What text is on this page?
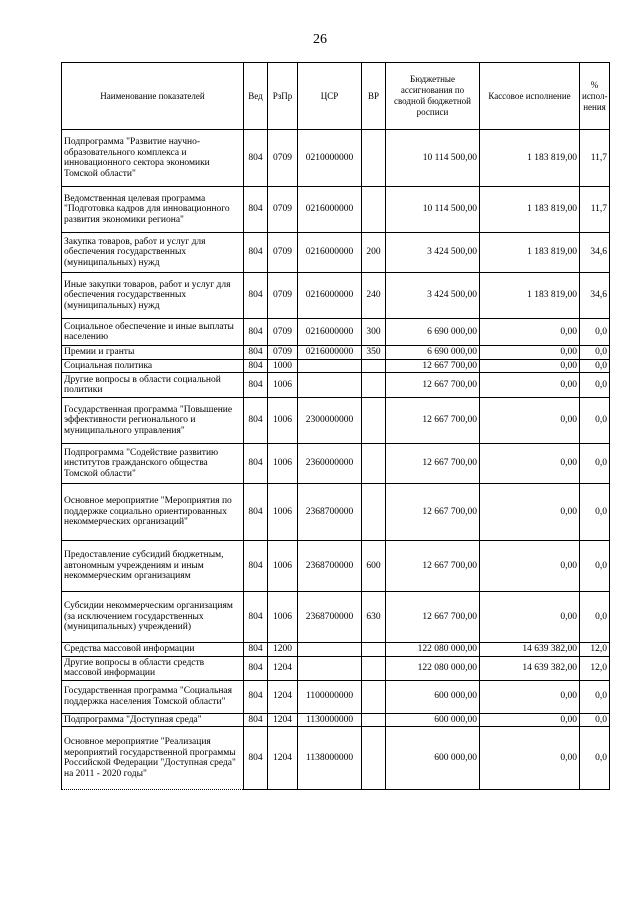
26
Наименование показателей	Вед	РзПр	ЦСР	ВР	Бюджетные ассигнования по сводной бюджетной росписи	Кассовое исполнение	% испол-нения
Подпрограмма "Развитие научно-образовательного комплекса и инновационного сектора экономики Томской области"	804	0709	0210000000		10 114 500,00	1 183 819,00	11,7
Ведомственная целевая программа "Подготовка кадров для инновационного развития экономики региона"	804	0709	0216000000		10 114 500,00	1 183 819,00	11,7
Закупка товаров, работ и услуг для обеспечения государственных (муниципальных) нужд	804	0709	0216000000	200	3 424 500,00	1 183 819,00	34,6
Иные закупки товаров, работ и услуг для обеспечения государственных (муниципальных) нужд	804	0709	0216000000	240	3 424 500,00	1 183 819,00	34,6
Социальное обеспечение и иные выплаты населению	804	0709	0216000000	300	6 690 000,00	0,00	0,0
Премии и гранты	804	0709	0216000000	350	6 690 000,00	0,00	0,0
Социальная политика	804	1000			12 667 700,00	0,00	0,0
Другие вопросы в области социальной политики	804	1006			12 667 700,00	0,00	0,0
Государственная программа "Повышение эффективности регионального и муниципального управления"	804	1006	2300000000		12 667 700,00	0,00	0,0
Подпрограмма "Содействие развитию институтов гражданского общества Томской области"	804	1006	2360000000		12 667 700,00	0,00	0,0
Основное мероприятие "Мероприятия по поддержке социально ориентированных некоммерческих организаций"	804	1006	2368700000		12 667 700,00	0,00	0,0
Предоставление субсидий бюджетным, автономным учреждениям и иным некоммерческим организациям	804	1006	2368700000	600	12 667 700,00	0,00	0,0
Субсидии некоммерческим организациям (за исключением государственных (муниципальных) учреждений)	804	1006	2368700000	630	12 667 700,00	0,00	0,0
Средства массовой информации	804	1200			122 080 000,00	14 639 382,00	12,0
Другие вопросы в области средств массовой информации	804	1204			122 080 000,00	14 639 382,00	12,0
Государственная программа "Социальная поддержка населения Томской области"	804	1204	1100000000		600 000,00	0,00	0,0
Подпрограмма "Доступная среда"	804	1204	1130000000		600 000,00	0,00	0,0
Основное мероприятие "Реализация мероприятий государственной программы Российской Федерации "Доступная среда" на 2011 - 2020 годы"	804	1204	1138000000		600 000,00	0,00	0,0
